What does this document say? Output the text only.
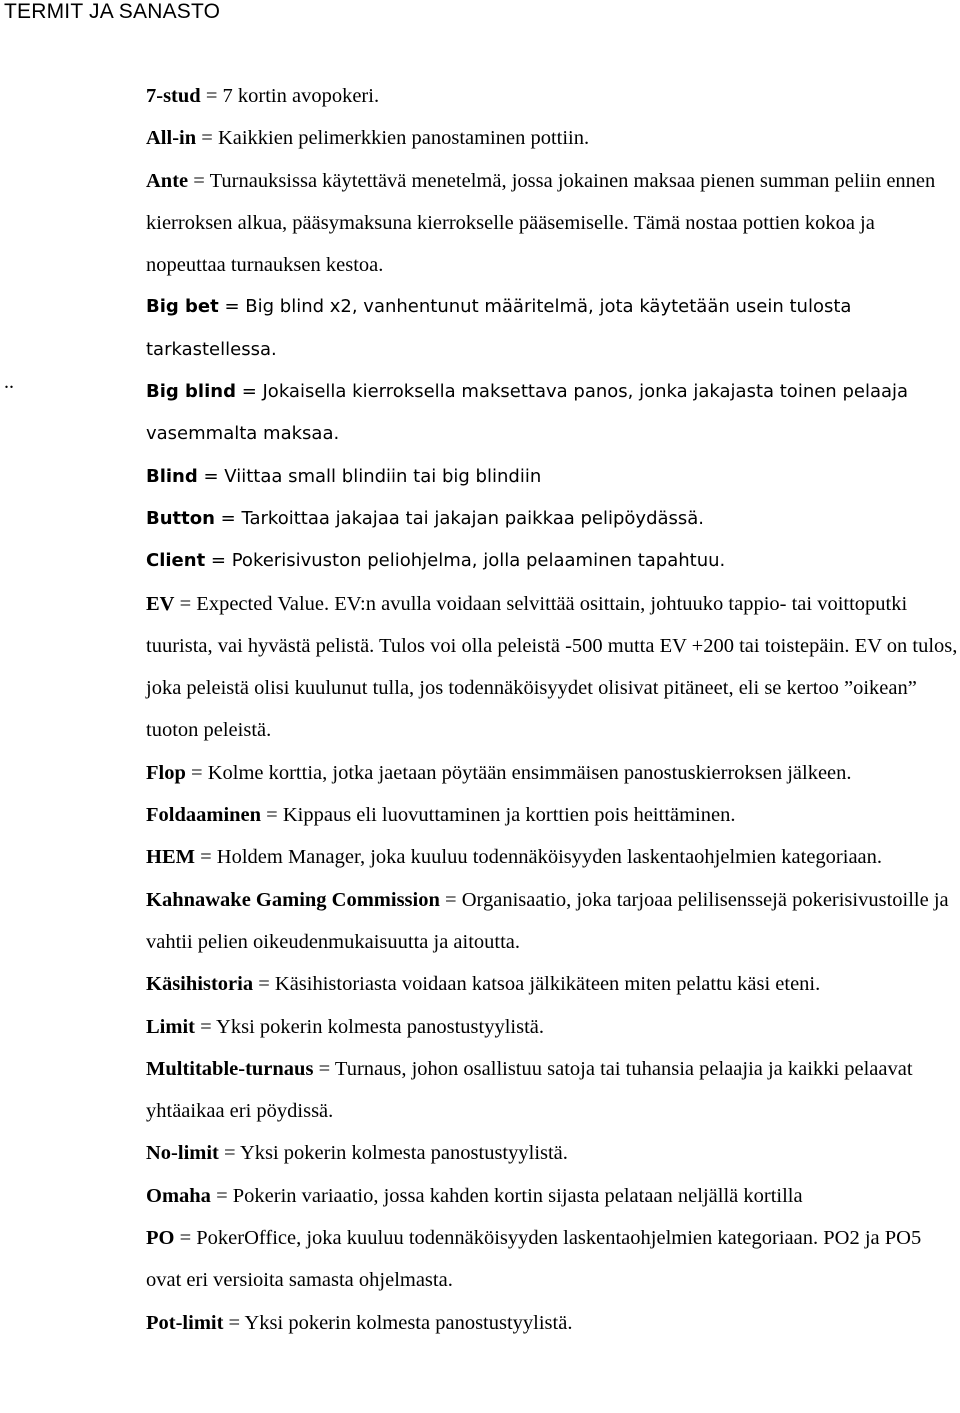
TERMIT JA SANASTO
..

7-stud = 7 kortin avopokeri.

All-in = Kaikkien pelimerkkien panostaminen pottiin.

Ante = Turnauksissa käytettävä menetelmä, jossa jokainen maksaa pienen summan peliin ennen kierroksen alkua, pääsymaksuna kierrokselle pääsemiselle. Tämä nostaa pottien kokoa ja nopeuttaa turnauksen kestoa.

Big bet = Big blind x2, vanhentunut määritelmä, jota käytetään usein tulosta tarkastellessa.

Big blind = Jokaisella kierroksella maksettava panos, jonka jakajasta toinen pelaaja vasemmalta maksaa.

Blind = Viittaa small blindiin tai big blindiin

Button = Tarkoittaa jakajaa tai jakajan paikkaa pelipöydässä.

Client = Pokerisivuston peliohjelma, jolla pelaaminen tapahtuu.

EV = Expected Value. EV:n avulla voidaan selvittää osittain, johtuuko tappio- tai voittoputki tuurista, vai hyvästä pelistä. Tulos voi olla peleistä -500 mutta EV +200 tai toistepäin. EV on tulos, joka peleistä olisi kuulunut tulla, jos todennäköisyydet olisivat pitäneet, eli se kertoo ”oikean” tuoton peleistä.

Flop = Kolme korttia, jotka jaetaan pöytään ensimmäisen panostuskierroksen jälkeen.

Foldaaminen = Kippaus eli luovuttaminen ja korttien pois heittäminen.

HEM = Holdem Manager, joka kuuluu todennäköisyyden laskentaohjelmien kategoriaan.

Kahnawake Gaming Commission = Organisaatio, joka tarjoaa pelilisenssejä pokerisivustoille ja vahtii pelien oikeudenmukaisuutta ja aitoutta.

Käsihistoria = Käsihistoriasta voidaan katsoa jälkikäteen miten pelattu käsi eteni.

Limit = Yksi pokerin kolmesta panostustyylistä.

Multitable-turnaus = Turnaus, johon osallistuu satoja tai tuhansia pelaajia ja kaikki pelaavat yhtäaikaa eri pöydissä.

No-limit = Yksi pokerin kolmesta panostustyylistä.

Omaha = Pokerin variaatio, jossa kahden kortin sijasta pelataan neljällä kortilla

PO = PokerOffice, joka kuuluu todennäköisyyden laskentaohjelmien kategoriaan. PO2 ja PO5 ovat eri versioita samasta ohjelmasta.

Pot-limit = Yksi pokerin kolmesta panostustyylistä.
